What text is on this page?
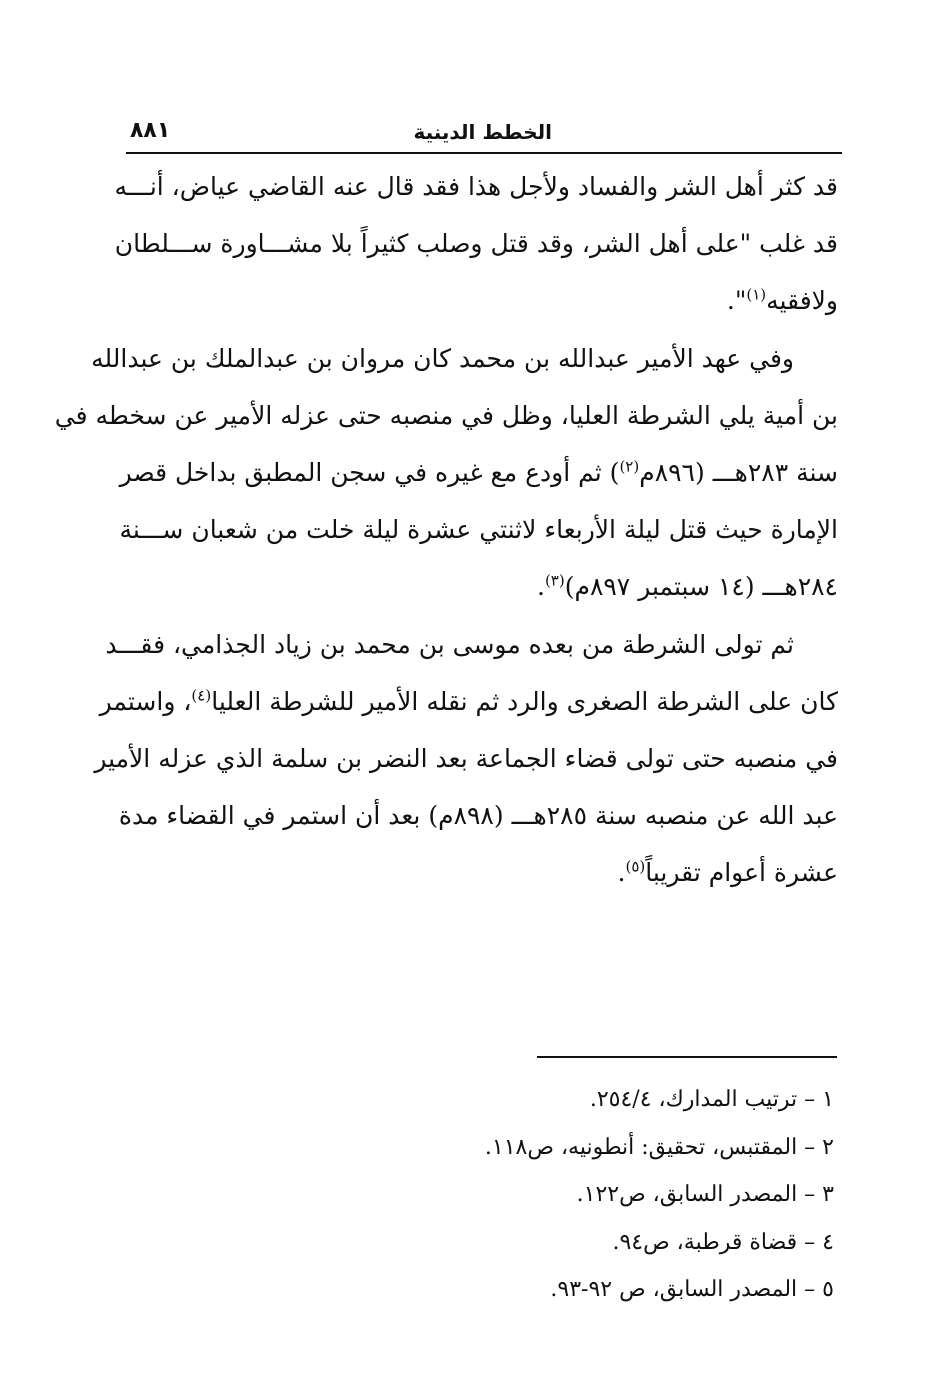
الخطط الدينية
٨٨١

قد كثر أهل الشر والفساد ولأجل هذا فقد قال عنه القاضي عياض، أنـــه
قد غلب "على أهل الشر، وقد قتل وصلب كثيراً بلا مشـــاورة ســـلطان
ولافقيه$^{(١)}$".

وفي عهد الأمير عبدالله بن محمد كان مروان بن عبدالملك بن عبدالله

بن أمية يلي الشرطة العليا، وظل في منصبه حتى عزله الأمير عن سخطه في
سنة ٢٨٣هـــ (٨٩٦م$^{(٢)}$) ثم أودع مع غيره في سجن المطبق بداخل قصر
الإمارة حيث قتل ليلة الأربعاء لاثنتي عشرة ليلة خلت من شعبان ســـنة
٢٨٤هـــ (١٤ سبتمبر ٨٩٧م)$^{(٣)}$.

ثم تولى الشرطة من بعده موسى بن محمد بن زياد الجذامي، فقـــد

كان على الشرطة الصغرى والرد ثم نقله الأمير للشرطة العليا$^{(٤)}$، واستمر
في منصبه حتى تولى قضاء الجماعة بعد النضر بن سلمة الذي عزله الأمير
عبد الله عن منصبه سنة ٢٨٥هـــ (٨٩٨م) بعد أن استمر في القضاء مدة
عشرة أعوام تقريباً$^{(٥)}$.

١ – ترتيب المدارك، ٢٥٤/٤.
٢ – المقتبس، تحقيق: أنطونيه، ص١١٨.
٣ – المصدر السابق، ص١٢٢.
٤ – قضاة قرطبة، ص٩٤.
٥ – المصدر السابق، ص ٩٢-٩٣.
